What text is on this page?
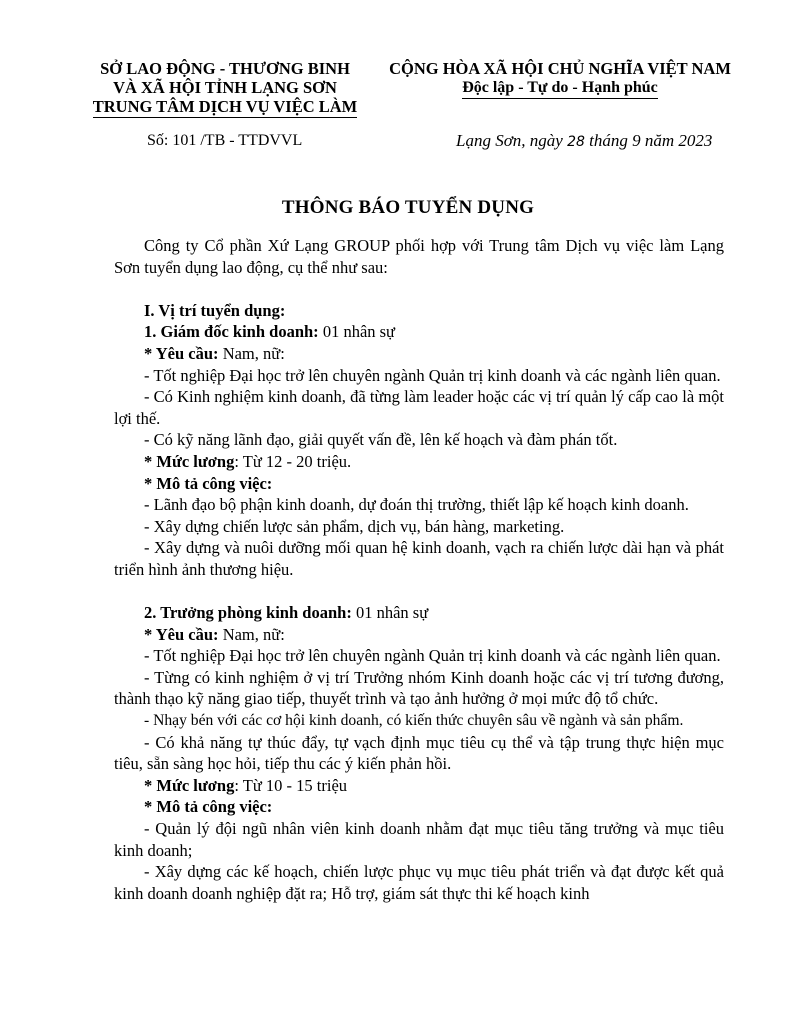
SỞ LAO ĐỘNG - THƯƠNG BINH
VÀ XÃ HỘI TỈNH LẠNG SƠN
TRUNG TÂM DỊCH VỤ VIỆC LÀM
CỘNG HÒA XÃ HỘI CHỦ NGHĨA VIỆT NAM
Độc lập - Tự do - Hạnh phúc
Số: 101 /TB - TTDVVL	Lạng Sơn, ngày 28 tháng 9 năm 2023
THÔNG BÁO TUYỂN DỤNG

Công ty Cổ phần Xứ Lạng GROUP phối hợp với Trung tâm Dịch vụ việc làm Lạng Sơn tuyển dụng lao động, cụ thể như sau:

I. Vị trí tuyển dụng:

1. Giám đốc kinh doanh: 01 nhân sự

* Yêu cầu: Nam, nữ:

- Tốt nghiệp Đại học trở lên chuyên ngành Quản trị kinh doanh và các ngành liên quan.

- Có Kinh nghiệm kinh doanh, đã từng làm leader hoặc các vị trí quản lý cấp cao là một lợi thế.

- Có kỹ năng lãnh đạo, giải quyết vấn đề, lên kế hoạch và đàm phán tốt.

* Mức lương: Từ 12 - 20 triệu.

* Mô tả công việc:

- Lãnh đạo bộ phận kinh doanh, dự đoán thị trường, thiết lập kế hoạch kinh doanh.

- Xây dựng chiến lược sản phẩm, dịch vụ, bán hàng, marketing.

- Xây dựng và nuôi dưỡng mối quan hệ kinh doanh, vạch ra chiến lược dài hạn và phát triển hình ảnh thương hiệu.

2. Trưởng phòng kinh doanh: 01 nhân sự

* Yêu cầu: Nam, nữ:

- Tốt nghiệp Đại học trở lên chuyên ngành Quản trị kinh doanh và các ngành liên quan.

- Từng có kinh nghiệm ở vị trí Trưởng nhóm Kinh doanh hoặc các vị trí tương đương, thành thạo kỹ năng giao tiếp, thuyết trình và tạo ảnh hưởng ở mọi mức độ tổ chức.

- Nhạy bén với các cơ hội kinh doanh, có kiến thức chuyên sâu về ngành và sản phẩm.

- Có khả năng tự thúc đẩy, tự vạch định mục tiêu cụ thể và tập trung thực hiện mục tiêu, sẵn sàng học hỏi, tiếp thu các ý kiến phản hồi.

* Mức lương: Từ 10 - 15 triệu

* Mô tả công việc:

- Quản lý đội ngũ nhân viên kinh doanh nhằm đạt mục tiêu tăng trưởng và mục tiêu kinh doanh;

- Xây dựng các kế hoạch, chiến lược phục vụ mục tiêu phát triển và đạt được kết quả kinh doanh doanh nghiệp đặt ra; Hỗ trợ, giám sát thực thi kế hoạch kinh
